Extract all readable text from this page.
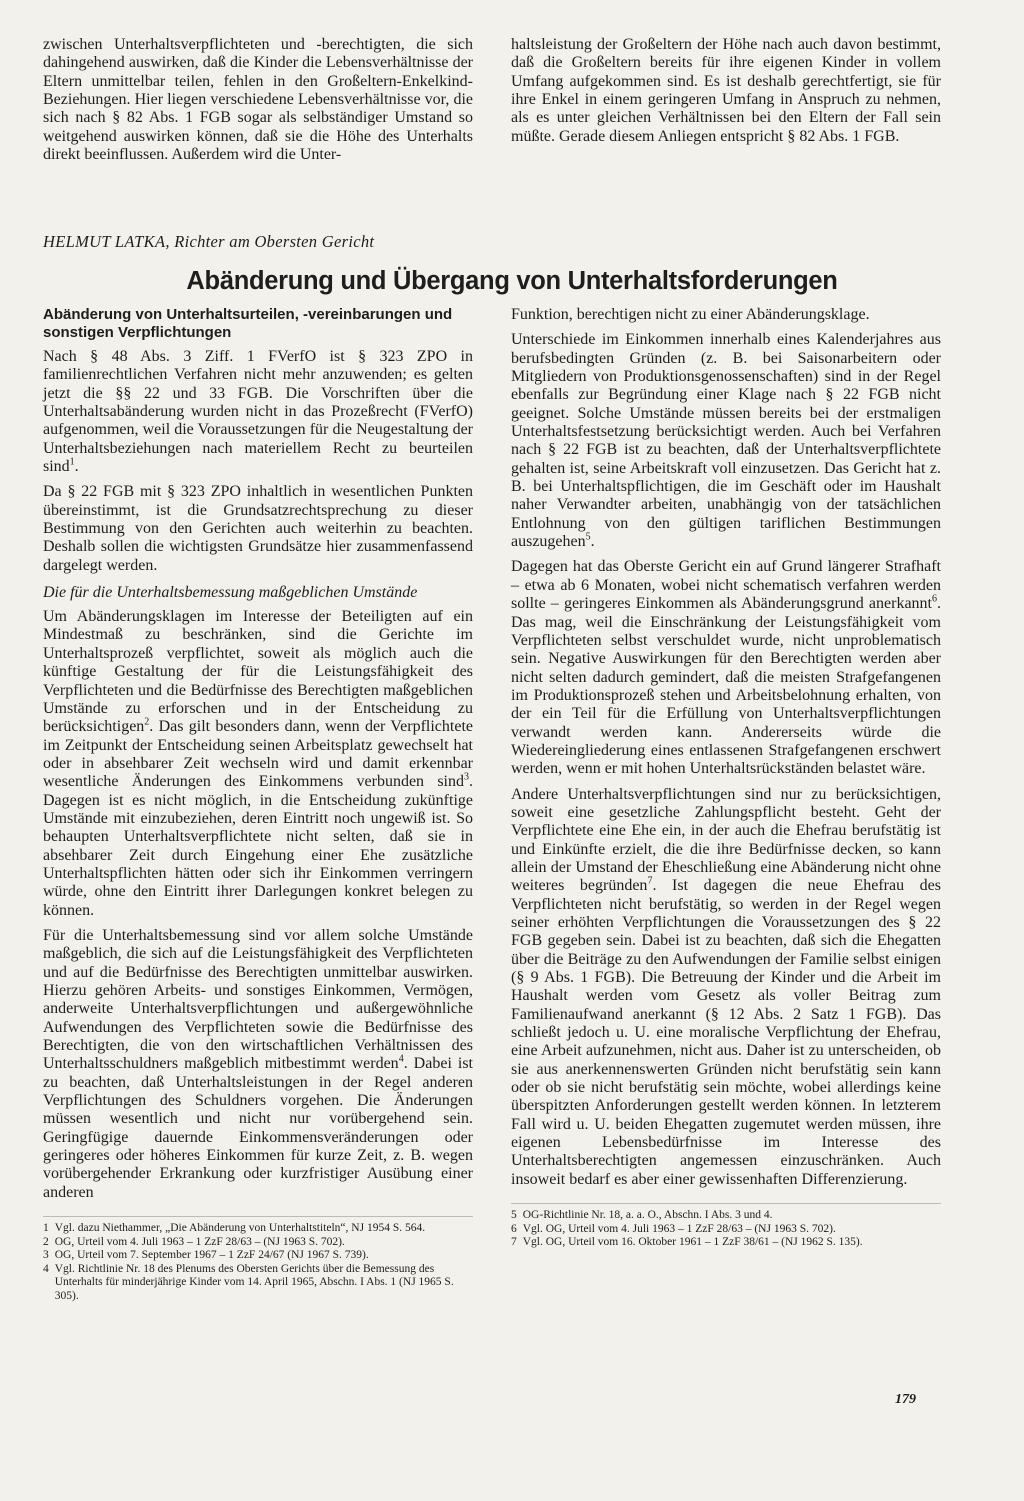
zwischen Unterhaltsverpflichteten und -berechtigten, die sich dahingehend auswirken, daß die Kinder die Lebensverhältnisse der Eltern unmittelbar teilen, fehlen in den Großeltern-Enkelkind-Beziehungen. Hier liegen verschiedene Lebensverhältnisse vor, die sich nach § 82 Abs. 1 FGB sogar als selbständiger Umstand so weitgehend auswirken können, daß sie die Höhe des Unterhalts direkt beeinflussen. Außerdem wird die Unter-

haltsleistung der Großeltern der Höhe nach auch davon bestimmt, daß die Großeltern bereits für ihre eigenen Kinder in vollem Umfang aufgekommen sind. Es ist deshalb gerechtfertigt, sie für ihre Enkel in einem geringeren Umfang in Anspruch zu nehmen, als es unter gleichen Verhältnissen bei den Eltern der Fall sein müßte. Gerade diesem Anliegen entspricht § 82 Abs. 1 FGB.

HELMUT LATKA, Richter am Obersten Gericht
Abänderung und Übergang von Unterhaltsforderungen
Abänderung von Unterhaltsurteilen, -vereinbarungen und sonstigen Verpflichtungen

Nach § 48 Abs. 3 Ziff. 1 FVerfO ist § 323 ZPO in familienrechtlichen Verfahren nicht mehr anzuwenden; es gelten jetzt die §§ 22 und 33 FGB. Die Vorschriften über die Unterhaltsabänderung wurden nicht in das Prozeßrecht (FVerfO) aufgenommen, weil die Voraussetzungen für die Neugestaltung der Unterhaltsbeziehungen nach materiellem Recht zu beurteilen sind$^1$.

Da § 22 FGB mit § 323 ZPO inhaltlich in wesentlichen Punkten übereinstimmt, ist die Grundsatzrechtsprechung zu dieser Bestimmung von den Gerichten auch weiterhin zu beachten. Deshalb sollen die wichtigsten Grundsätze hier zusammenfassend dargelegt werden.

Die für die Unterhaltsbemessung maßgeblichen Umstände

Um Abänderungsklagen im Interesse der Beteiligten auf ein Mindestmaß zu beschränken, sind die Gerichte im Unterhaltsprozeß verpflichtet, soweit als möglich auch die künftige Gestaltung der für die Leistungsfähigkeit des Verpflichteten und die Bedürfnisse des Berechtigten maßgeblichen Umstände zu erforschen und in der Entscheidung zu berücksichtigen$^2$. Das gilt besonders dann, wenn der Verpflichtete im Zeitpunkt der Entscheidung seinen Arbeitsplatz gewechselt hat oder in absehbarer Zeit wechseln wird und damit erkennbar wesentliche Änderungen des Einkommens verbunden sind$^3$. Dagegen ist es nicht möglich, in die Entscheidung zukünftige Umstände mit einzubeziehen, deren Eintritt noch ungewiß ist. So behaupten Unterhaltsverpflichtete nicht selten, daß sie in absehbarer Zeit durch Eingehung einer Ehe zusätzliche Unterhaltspflichten hätten oder sich ihr Einkommen verringern würde, ohne den Eintritt ihrer Darlegungen konkret belegen zu können.

Für die Unterhaltsbemessung sind vor allem solche Umstände maßgeblich, die sich auf die Leistungsfähigkeit des Verpflichteten und auf die Bedürfnisse des Berechtigten unmittelbar auswirken. Hierzu gehören Arbeits- und sonstiges Einkommen, Vermögen, anderweite Unterhaltsverpflichtungen und außergewöhnliche Aufwendungen des Verpflichteten sowie die Bedürfnisse des Berechtigten, die von den wirtschaftlichen Verhältnissen des Unterhaltsschuldners maßgeblich mitbestimmt werden$^4$. Dabei ist zu beachten, daß Unterhaltsleistungen in der Regel anderen Verpflichtungen des Schuldners vorgehen. Die Änderungen müssen wesentlich und nicht nur vorübergehend sein. Geringfügige dauernde Einkommensveränderungen oder geringeres oder höheres Einkommen für kurze Zeit, z. B. wegen vorübergehender Erkrankung oder kurzfristiger Ausübung einer anderen

1 Vgl. dazu Niethammer, „Die Abänderung von Unterhaltstiteln“, NJ 1954 S. 564.
2 OG, Urteil vom 4. Juli 1963 – 1 ZzF 28/63 – (NJ 1963 S. 702).
3 OG, Urteil vom 7. September 1967 – 1 ZzF 24/67 (NJ 1967 S. 739).
4 Vgl. Richtlinie Nr. 18 des Plenums des Obersten Gerichts über die Bemessung des Unterhalts für minderjährige Kinder vom 14. April 1965, Abschn. I Abs. 1 (NJ 1965 S. 305).

Funktion, berechtigen nicht zu einer Abänderungsklage.

Unterschiede im Einkommen innerhalb eines Kalenderjahres aus berufsbedingten Gründen (z. B. bei Saisonarbeitern oder Mitgliedern von Produktionsgenossenschaften) sind in der Regel ebenfalls zur Begründung einer Klage nach § 22 FGB nicht geeignet. Solche Umstände müssen bereits bei der erstmaligen Unterhaltsfestsetzung berücksichtigt werden. Auch bei Verfahren nach § 22 FGB ist zu beachten, daß der Unterhaltsverpflichtete gehalten ist, seine Arbeitskraft voll einzusetzen. Das Gericht hat z. B. bei Unterhaltspflichtigen, die im Geschäft oder im Haushalt naher Verwandter arbeiten, unabhängig von der tatsächlichen Entlohnung von den gültigen tariflichen Bestimmungen auszugehen$^5$.

Dagegen hat das Oberste Gericht ein auf Grund längerer Strafhaft – etwa ab 6 Monaten, wobei nicht schematisch verfahren werden sollte – geringeres Einkommen als Abänderungsgrund anerkannt$^6$. Das mag, weil die Einschränkung der Leistungsfähigkeit vom Verpflichteten selbst verschuldet wurde, nicht unproblematisch sein. Negative Auswirkungen für den Berechtigten werden aber nicht selten dadurch gemindert, daß die meisten Strafgefangenen im Produktionsprozeß stehen und Arbeitsbelohnung erhalten, von der ein Teil für die Erfüllung von Unterhaltsverpflichtungen verwandt werden kann. Andererseits würde die Wiedereingliederung eines entlassenen Strafgefangenen erschwert werden, wenn er mit hohen Unterhaltsrückständen belastet wäre.

Andere Unterhaltsverpflichtungen sind nur zu berücksichtigen, soweit eine gesetzliche Zahlungspflicht besteht. Geht der Verpflichtete eine Ehe ein, in der auch die Ehefrau berufstätig ist und Einkünfte erzielt, die die ihre Bedürfnisse decken, so kann allein der Umstand der Eheschließung eine Abänderung nicht ohne weiteres begründen$^7$. Ist dagegen die neue Ehefrau des Verpflichteten nicht berufstätig, so werden in der Regel wegen seiner erhöhten Verpflichtungen die Voraussetzungen des § 22 FGB gegeben sein. Dabei ist zu beachten, daß sich die Ehegatten über die Beiträge zu den Aufwendungen der Familie selbst einigen (§ 9 Abs. 1 FGB). Die Betreuung der Kinder und die Arbeit im Haushalt werden vom Gesetz als voller Beitrag zum Familienaufwand anerkannt (§ 12 Abs. 2 Satz 1 FGB). Das schließt jedoch u. U. eine moralische Verpflichtung der Ehefrau, eine Arbeit aufzunehmen, nicht aus. Daher ist zu unterscheiden, ob sie aus anerkennenswerten Gründen nicht berufstätig sein kann oder ob sie nicht berufstätig sein möchte, wobei allerdings keine überspitzten Anforderungen gestellt werden können. In letzterem Fall wird u. U. beiden Ehegatten zugemutet werden müssen, ihre eigenen Lebensbedürfnisse im Interesse des Unterhaltsberechtigten angemessen einzuschränken. Auch insoweit bedarf es aber einer gewissenhaften Differenzierung.

5 OG-Richtlinie Nr. 18, a. a. O., Abschn. I Abs. 3 und 4.
6 Vgl. OG, Urteil vom 4. Juli 1963 – 1 ZzF 28/63 – (NJ 1963 S. 702).
7 Vgl. OG, Urteil vom 16. Oktober 1961 – 1 ZzF 38/61 – (NJ 1962 S. 135).
179
